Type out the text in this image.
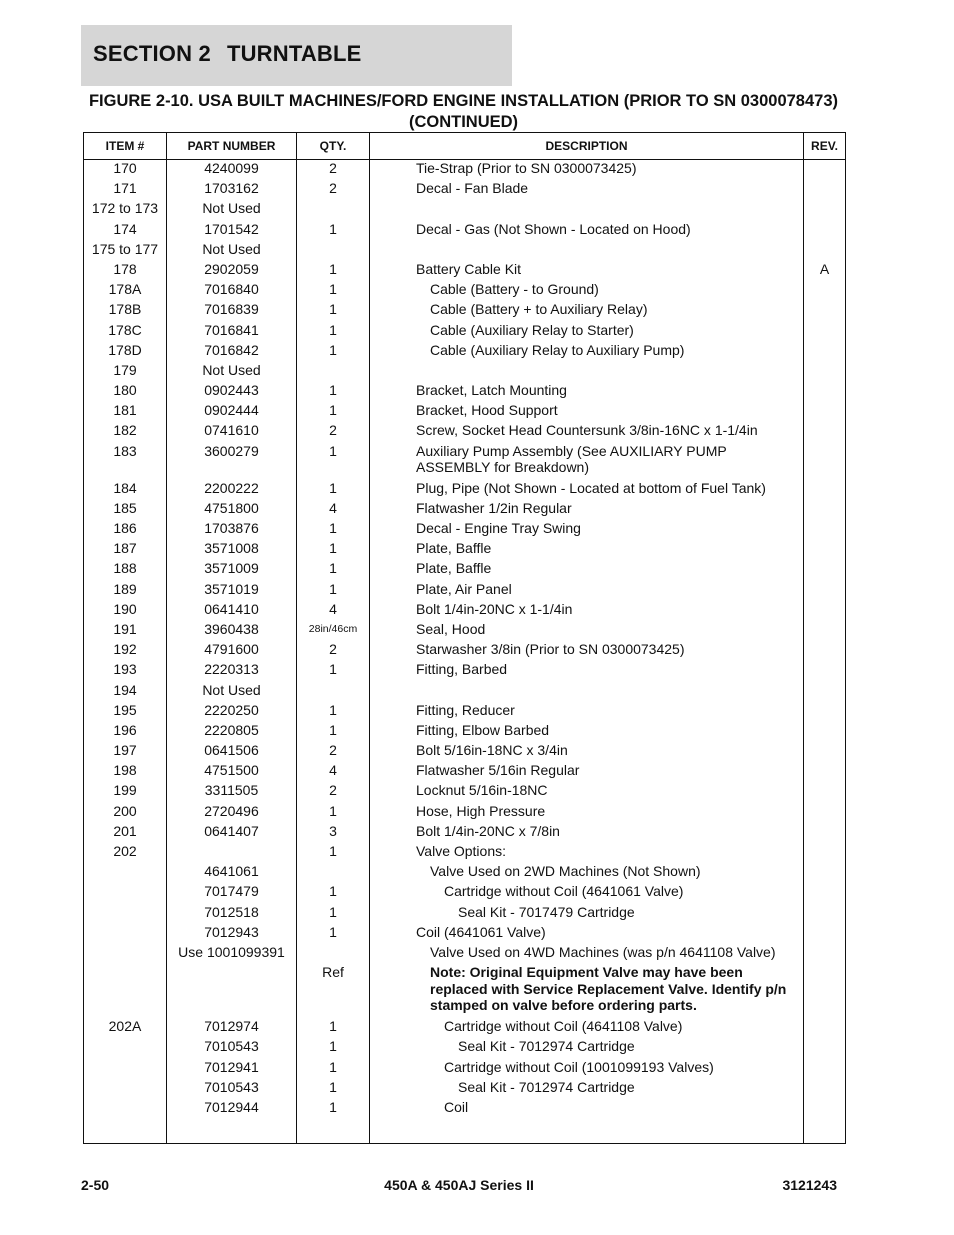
SECTION 2 TURNTABLE
FIGURE 2-10. USA BUILT MACHINES/FORD ENGINE INSTALLATION (PRIOR TO SN 0300078473) (CONTINUED)
ITEM #	PART NUMBER	QTY.	DESCRIPTION	REV.
170	4240099	2	Tie-Strap (Prior to SN 0300073425)	
171	1703162	2	Decal - Fan Blade	
172 to 173	Not Used			
174	1701542	1	Decal - Gas (Not Shown - Located on Hood)	
175 to 177	Not Used			
178	2902059	1	Battery Cable Kit	A
178A	7016840	1	Cable (Battery - to Ground)	
178B	7016839	1	Cable (Battery + to Auxiliary Relay)	
178C	7016841	1	Cable (Auxiliary Relay to Starter)	
178D	7016842	1	Cable (Auxiliary Relay to Auxiliary Pump)	
179	Not Used			
180	0902443	1	Bracket, Latch Mounting	
181	0902444	1	Bracket, Hood Support	
182	0741610	2	Screw, Socket Head Countersunk 3/8in-16NC x 1-1/4in	
183	3600279	1	Auxiliary Pump Assembly (See AUXILIARY PUMP ASSEMBLY for Breakdown)	
184	2200222	1	Plug, Pipe (Not Shown - Located at bottom of Fuel Tank)	
185	4751800	4	Flatwasher 1/2in Regular	
186	1703876	1	Decal - Engine Tray Swing	
187	3571008	1	Plate, Baffle	
188	3571009	1	Plate, Baffle	
189	3571019	1	Plate, Air Panel	
190	0641410	4	Bolt 1/4in-20NC x 1-1/4in	
191	3960438	28in/46cm	Seal, Hood	
192	4791600	2	Starwasher 3/8in (Prior to SN 0300073425)	
193	2220313	1	Fitting, Barbed	
194	Not Used			
195	2220250	1	Fitting, Reducer	
196	2220805	1	Fitting, Elbow Barbed	
197	0641506	2	Bolt 5/16in-18NC x 3/4in	
198	4751500	4	Flatwasher 5/16in Regular	
199	3311505	2	Locknut 5/16in-18NC	
200	2720496	1	Hose, High Pressure	
201	0641407	3	Bolt 1/4in-20NC x 7/8in	
202		1	Valve Options:	
	4641061		Valve Used on 2WD Machines (Not Shown)	
	7017479	1	Cartridge without Coil (4641061 Valve)	
	7012518	1	Seal Kit - 7017479 Cartridge	
	7012943	1	Coil (4641061 Valve)	
	Use 1001099391		Valve Used on 4WD Machines (was p/n 4641108 Valve)	
		Ref	Note: Original Equipment Valve may have been replaced with Service Replacement Valve. Identify p/n stamped on valve before ordering parts.	
202A	7012974	1	Cartridge without Coil (4641108 Valve)	
	7010543	1	Seal Kit - 7012974 Cartridge	
	7012941	1	Cartridge without Coil (1001099193 Valves)	
	7010543	1	Seal Kit - 7012974 Cartridge	
	7012944	1	Coil	

2-50	450A & 450AJ Series II	3121243
